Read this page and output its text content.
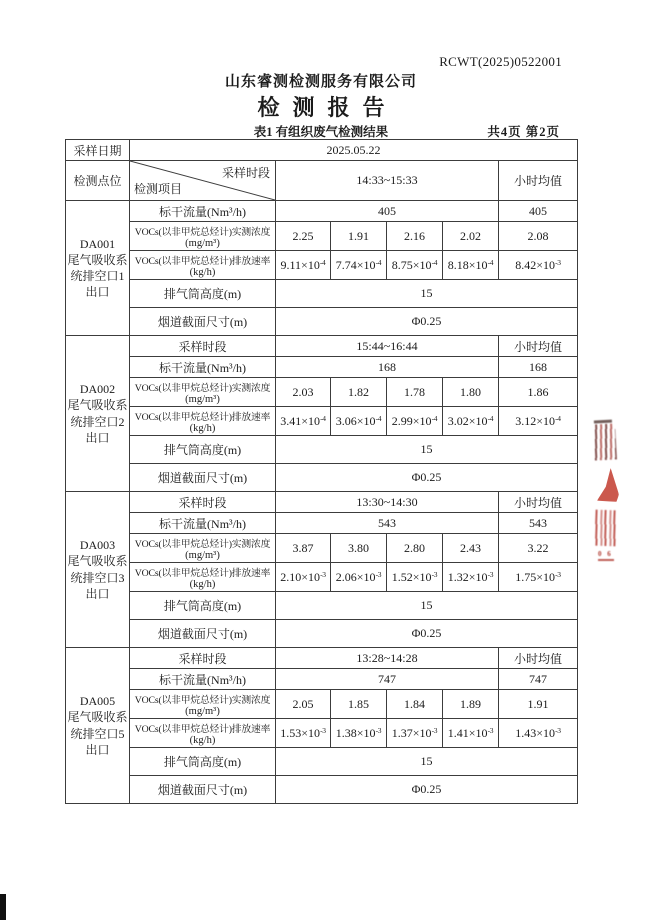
RCWT(2025)0522001
山东睿测检测服务有限公司
检测报告
表1 有组织废气检测结果	共4页 第2页
采样日期	2025.05.22					
检测点位	采样时段
检测项目	14:33~15:33				小时均值

DA001
尾气吸收系统排空口1出口	标干流量(Nm³/h)	405				405

	VOCs(以非甲烷总烃计)实测浓度
(mg/m³)	2.25	1.91	2.16	2.02	2.08

	VOCs(以非甲烷总烃计)排放速率
(kg/h)	$9.11\times 10^{-4}$	$7.74\times 10^{-4}$	$8.75\times 10^{-4}$	$8.18\times 10^{-4}$	$8.42\times 10^{-3}$
	排气筒高度(m)	15				
	烟道截面尺寸(m)	Φ0.25				

DA002
尾气吸收系统排空口2出口	采样时段	15:44~16:44				小时均值
	标干流量(Nm³/h)	168				168

	VOCs(以非甲烷总烃计)实测浓度
(mg/m³)	2.03	1.82	1.78	1.80	1.86

	VOCs(以非甲烷总烃计)排放速率
(kg/h)	$3.41\times 10^{-4}$	$3.06\times 10^{-4}$	$2.99\times 10^{-4}$	$3.02\times 10^{-4}$	$3.12\times 10^{-4}$
	排气筒高度(m)	15				
	烟道截面尺寸(m)	Φ0.25				

DA003
尾气吸收系统排空口3出口	采样时段	13:30~14:30				小时均值
	标干流量(Nm³/h)	543				543

	VOCs(以非甲烷总烃计)实测浓度
(mg/m³)	3.87	3.80	2.80	2.43	3.22

	VOCs(以非甲烷总烃计)排放速率
(kg/h)	$2.10\times 10^{-3}$	$2.06\times 10^{-3}$	$1.52\times 10^{-3}$	$1.32\times 10^{-3}$	$1.75\times 10^{-3}$
	排气筒高度(m)	15				
	烟道截面尺寸(m)	Φ0.25				

DA005
尾气吸收系统排空口5出口	采样时段	13:28~14:28				小时均值
	标干流量(Nm³/h)	747				747

	VOCs(以非甲烷总烃计)实测浓度
(mg/m³)	2.05	1.85	1.84	1.89	1.91

	VOCs(以非甲烷总烃计)排放速率
(kg/h)	$1.53\times 10^{-3}$	$1.38\times 10^{-3}$	$1.37\times 10^{-3}$	$1.41\times 10^{-3}$	$1.43\times 10^{-3}$
	排气筒高度(m)	15				
	烟道截面尺寸(m)	Φ0.25				
0 6
